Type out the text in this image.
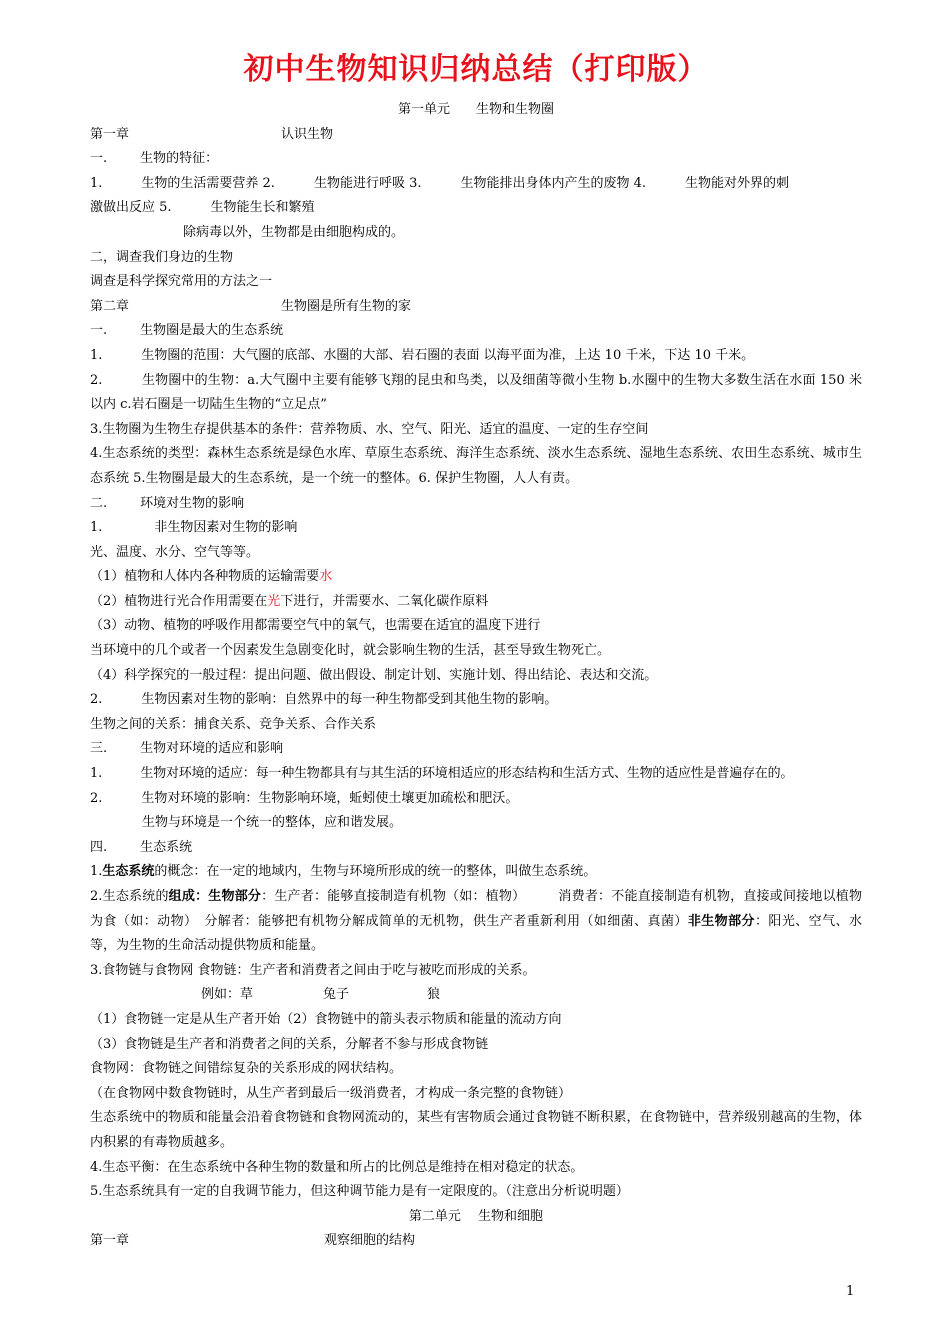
初中生物知识归纳总结（打印版）
第一单元　　生物和生物圈
第一章	认识生物
一.	生物的特征：
1.　　　生物的生活需要营养 2.　　　生物能进行呼吸 3.　　　生物能排出身体内产生的废物 4.　　　生物能对外界的刺
激做出反应 5.　　　生物能生长和繁殖
除病毒以外，生物都是由细胞构成的。
二，调查我们身边的生物
调查是科学探究常用的方法之一
第二章	生物圈是所有生物的家
一.	生物圈是最大的生态系统
1.　　　生物圈的范围：大气圈的底部、水圈的大部、岩石圈的表面 以海平面为准，上达 10 千米，下达 10 千米。
2.　　　生物圈中的生物：a.大气圈中主要有能够飞翔的昆虫和鸟类，以及细菌等微小生物 b.水圈中的生物大多数生活在水面 150 米以内 c.岩石圈是一切陆生生物的“立足点”
3.生物圈为生物生存提供基本的条件：营养物质、水、空气、阳光、适宜的温度、一定的生存空间
4.生态系统的类型：森林生态系统是绿色水库、草原生态系统、海洋生态系统、淡水生态系统、湿地生态系统、农田生态系统、城市生态系统 5.生物圈是最大的生态系统，是一个统一的整体。6. 保护生物圈，人人有责。
二.	环境对生物的影响
1.	非生物因素对生物的影响
光、温度、水分、空气等等。
（1）植物和人体内各种物质的运输需要水
（2）植物进行光合作用需要在光下进行，并需要水、二氧化碳作原料
（3）动物、植物的呼吸作用都需要空气中的氧气，也需要在适宜的温度下进行
当环境中的几个或者一个因素发生急剧变化时，就会影响生物的生活，甚至导致生物死亡。
（4）科学探究的一般过程：提出问题、做出假设、制定计划、实施计划、得出结论、表达和交流。
2.　　　生物因素对生物的影响：自然界中的每一种生物都受到其他生物的影响。
生物之间的关系：捕食关系、竞争关系、合作关系
三.	生物对环境的适应和影响
1.　　　生物对环境的适应：每一种生物都具有与其生活的环境相适应的形态结构和生活方式、生物的适应性是普遍存在的。
2.　　　生物对环境的影响：生物影响环境，蚯蚓使土壤更加疏松和肥沃。
生物与环境是一个统一的整体，应和谐发展。
四.	生态系统
1.生态系统的概念：在一定的地域内，生物与环境所形成的统一的整体，叫做生态系统。
2.生态系统的组成：生物部分：生产者：能够直接制造有机物（如：植物）　　　消费者：不能直接制造有机物，直接或间接地以植物为食（如：动物）　分解者：能够把有机物分解成简单的无机物，供生产者重新利用（如细菌、真菌）非生物部分：阳光、空气、水等，为生物的生命活动提供物质和能量。
3.食物链与食物网 食物链：生产者和消费者之间由于吃与被吃而形成的关系。
例如：草	兔子	狼
（1）食物链一定是从生产者开始（2）食物链中的箭头表示物质和能量的流动方向
（3）食物链是生产者和消费者之间的关系，分解者不参与形成食物链
食物网：食物链之间错综复杂的关系形成的网状结构。
（在食物网中数食物链时，从生产者到最后一级消费者，才构成一条完整的食物链）
生态系统中的物质和能量会沿着食物链和食物网流动的，某些有害物质会通过食物链不断积累，在食物链中，营养级别越高的生物，体内积累的有毒物质越多。
4.生态平衡：在生态系统中各种生物的数量和所占的比例总是维持在相对稳定的状态。
5.生态系统具有一定的自我调节能力，但这种调节能力是有一定限度的。（注意出分析说明题）
第二单元　 生物和细胞
第一章	观察细胞的结构
1
